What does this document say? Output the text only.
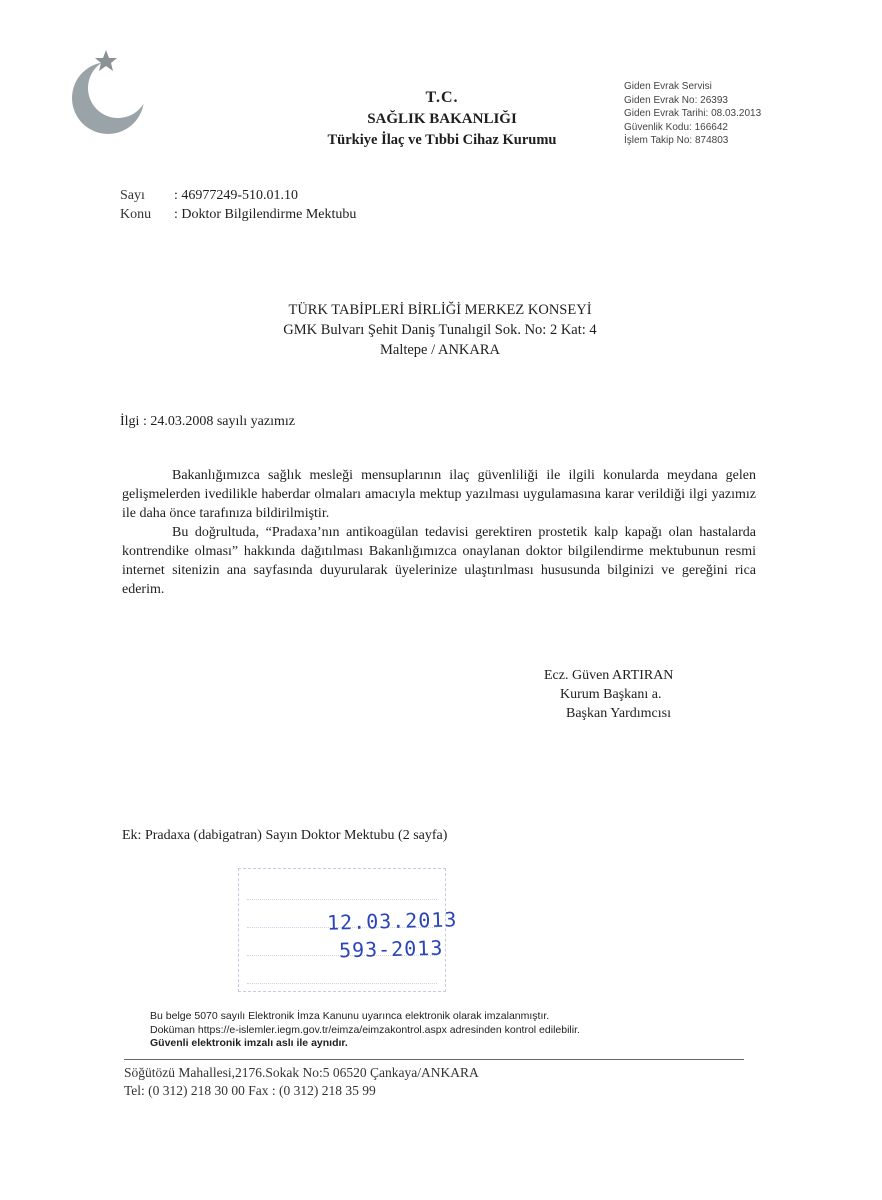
T.C.
SAĞLIK BAKANLIĞI
Türkiye İlaç ve Tıbbi Cihaz Kurumu
Giden Evrak Servisi
Giden Evrak No: 26393
Giden Evrak Tarihi: 08.03.2013
Güvenlik Kodu: 166642
İşlem Takip No: 874803
Sayı : 46977249-510.01.10
Konu : Doktor Bilgilendirme Mektubu
TÜRK TABİPLERİ BİRLİĞİ MERKEZ KONSEYİ
GMK Bulvarı Şehit Daniş Tunalıgil Sok. No: 2 Kat: 4
Maltepe / ANKARA
İlgi : 24.03.2008 sayılı yazımız

Bakanlığımızca sağlık mesleği mensuplarının ilaç güvenliliği ile ilgili konularda meydana gelen gelişmelerden ivedilikle haberdar olmaları amacıyla mektup yazılması uygulamasına karar verildiği ilgi yazımız ile daha önce tarafınıza bildirilmiştir.

Bu doğrultuda, “Pradaxa’nın antikoagülan tedavisi gerektiren prostetik kalp kapağı olan hastalarda kontrendike olması” hakkında dağıtılması Bakanlığımızca onaylanan doktor bilgilendirme mektubunun resmi internet sitenizin ana sayfasında duyurularak üyelerinize ulaştırılması hususunda bilginizi ve gereğini rica ederim.

Ecz. Güven ARTIRAN
Kurum Başkanı a.
Başkan Yardımcısı
Ek: Pradaxa (dabigatran) Sayın Doktor Mektubu (2 sayfa)
12.03.2013
593-2013
Bu belge 5070 sayılı Elektronik İmza Kanunu uyarınca elektronik olarak imzalanmıştır.
Doküman https://e-islemler.iegm.gov.tr/eimza/eimzakontrol.aspx adresinden kontrol edilebilir.
Güvenli elektronik imzalı aslı ile aynıdır.
Söğütözü Mahallesi,2176.Sokak No:5 06520 Çankaya/ANKARA
Tel: (0 312) 218 30 00 Fax : (0 312) 218 35 99
